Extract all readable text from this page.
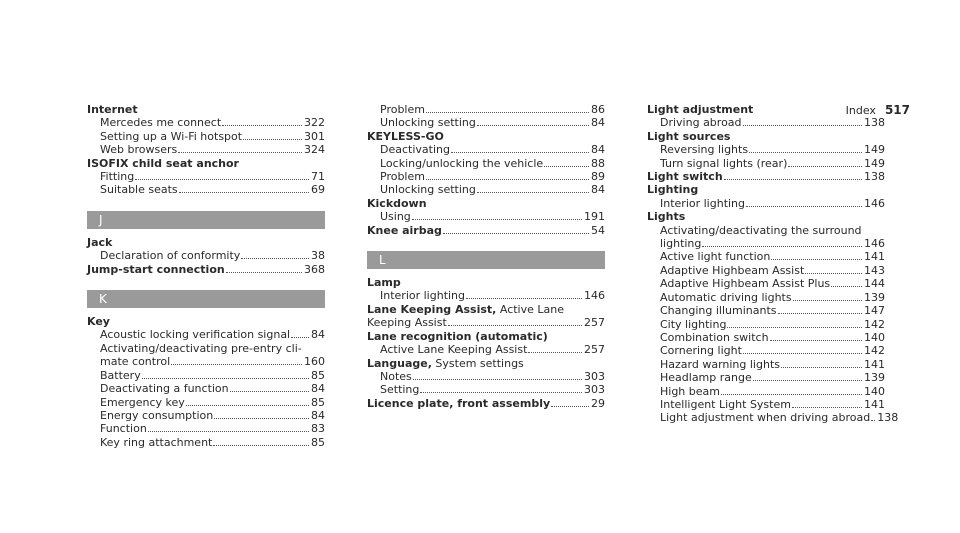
Index 517
Internet
Mercedes me connect	322
Setting up a Wi-Fi hotspot	301
Web browsers	324
ISOFIX child seat anchor
Fitting	71
Suitable seats	69
J
Jack
Declaration of conformity	38
Jump-start connection	368
K
Key
Acoustic locking verification signal 84
Activating/deactivating pre-entry cli-
mate control	160
Battery	85
Deactivating a function	84
Emergency key	85
Energy consumption	84
Function	83
Key ring attachment	85
Problem	86
Unlocking setting	84
KEYLESS-GO
Deactivating	84
Locking/unlocking the vehicle	88
Problem	89
Unlocking setting	84
Kickdown
Using	191
Knee airbag	54
L
Lamp
Interior lighting	146
Lane Keeping Assist, Active Lane
Keeping Assist	257
Lane recognition (automatic)
Active Lane Keeping Assist	257
Language, System settings
Notes	303
Setting	303
Licence plate, front assembly	29
Light adjustment
Driving abroad	138
Light sources
Reversing lights	149
Turn signal lights (rear)	149
Light switch	138
Lighting
Interior lighting	146
Lights
Activating/deactivating the surround
lighting	146
Active light function	141
Adaptive Highbeam Assist	143
Adaptive Highbeam Assist Plus	144
Automatic driving lights	139
Changing illuminants	147
City lighting	142
Combination switch	140
Cornering light	142
Hazard warning lights	141
Headlamp range	139
High beam	140
Intelligent Light System	141
Light adjustment when driving abroad 138
